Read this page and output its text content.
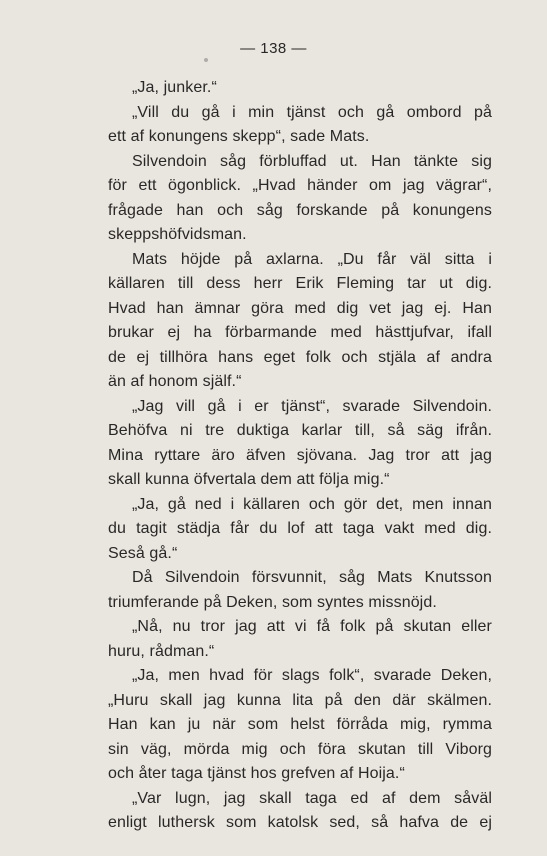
— 138 —
„Ja, junker.“
„Vill du gå i min tjänst och gå ombord på
ett af konungens skepp“, sade Mats.
Silvendoin såg förbluffad ut. Han tänkte sig
för ett ögonblick. „Hvad händer om jag vägrar“,
frågade han och såg forskande på konungens
skeppshöfvidsman.
Mats höjde på axlarna. „Du får väl sitta i
källaren till dess herr Erik Fleming tar ut dig.
Hvad han ämnar göra med dig vet jag ej. Han
brukar ej ha förbarmande med hästtjufvar, ifall
de ej tillhöra hans eget folk och stjäla af andra
än af honom själf.“
„Jag vill gå i er tjänst“, svarade Silvendoin.
Behöfva ni tre duktiga karlar till, så säg ifrån.
Mina ryttare äro äfven sjövana. Jag tror att jag
skall kunna öfvertala dem att följa mig.“
„Ja, gå ned i källaren och gör det, men innan
du tagit städja får du lof att taga vakt med dig.
Seså gå.“
Då Silvendoin försvunnit, såg Mats Knutsson
triumferande på Deken, som syntes missnöjd.
„Nå, nu tror jag att vi få folk på skutan eller
huru, rådman.“
„Ja, men hvad för slags folk“, svarade Deken,
„Huru skall jag kunna lita på den där skälmen.
Han kan ju när som helst förråda mig, rymma
sin väg, mörda mig och föra skutan till Viborg
och åter taga tjänst hos grefven af Hoija.“
„Var lugn, jag skall taga ed af dem såväl
enligt luthersk som katolsk sed, så hafva de ej
